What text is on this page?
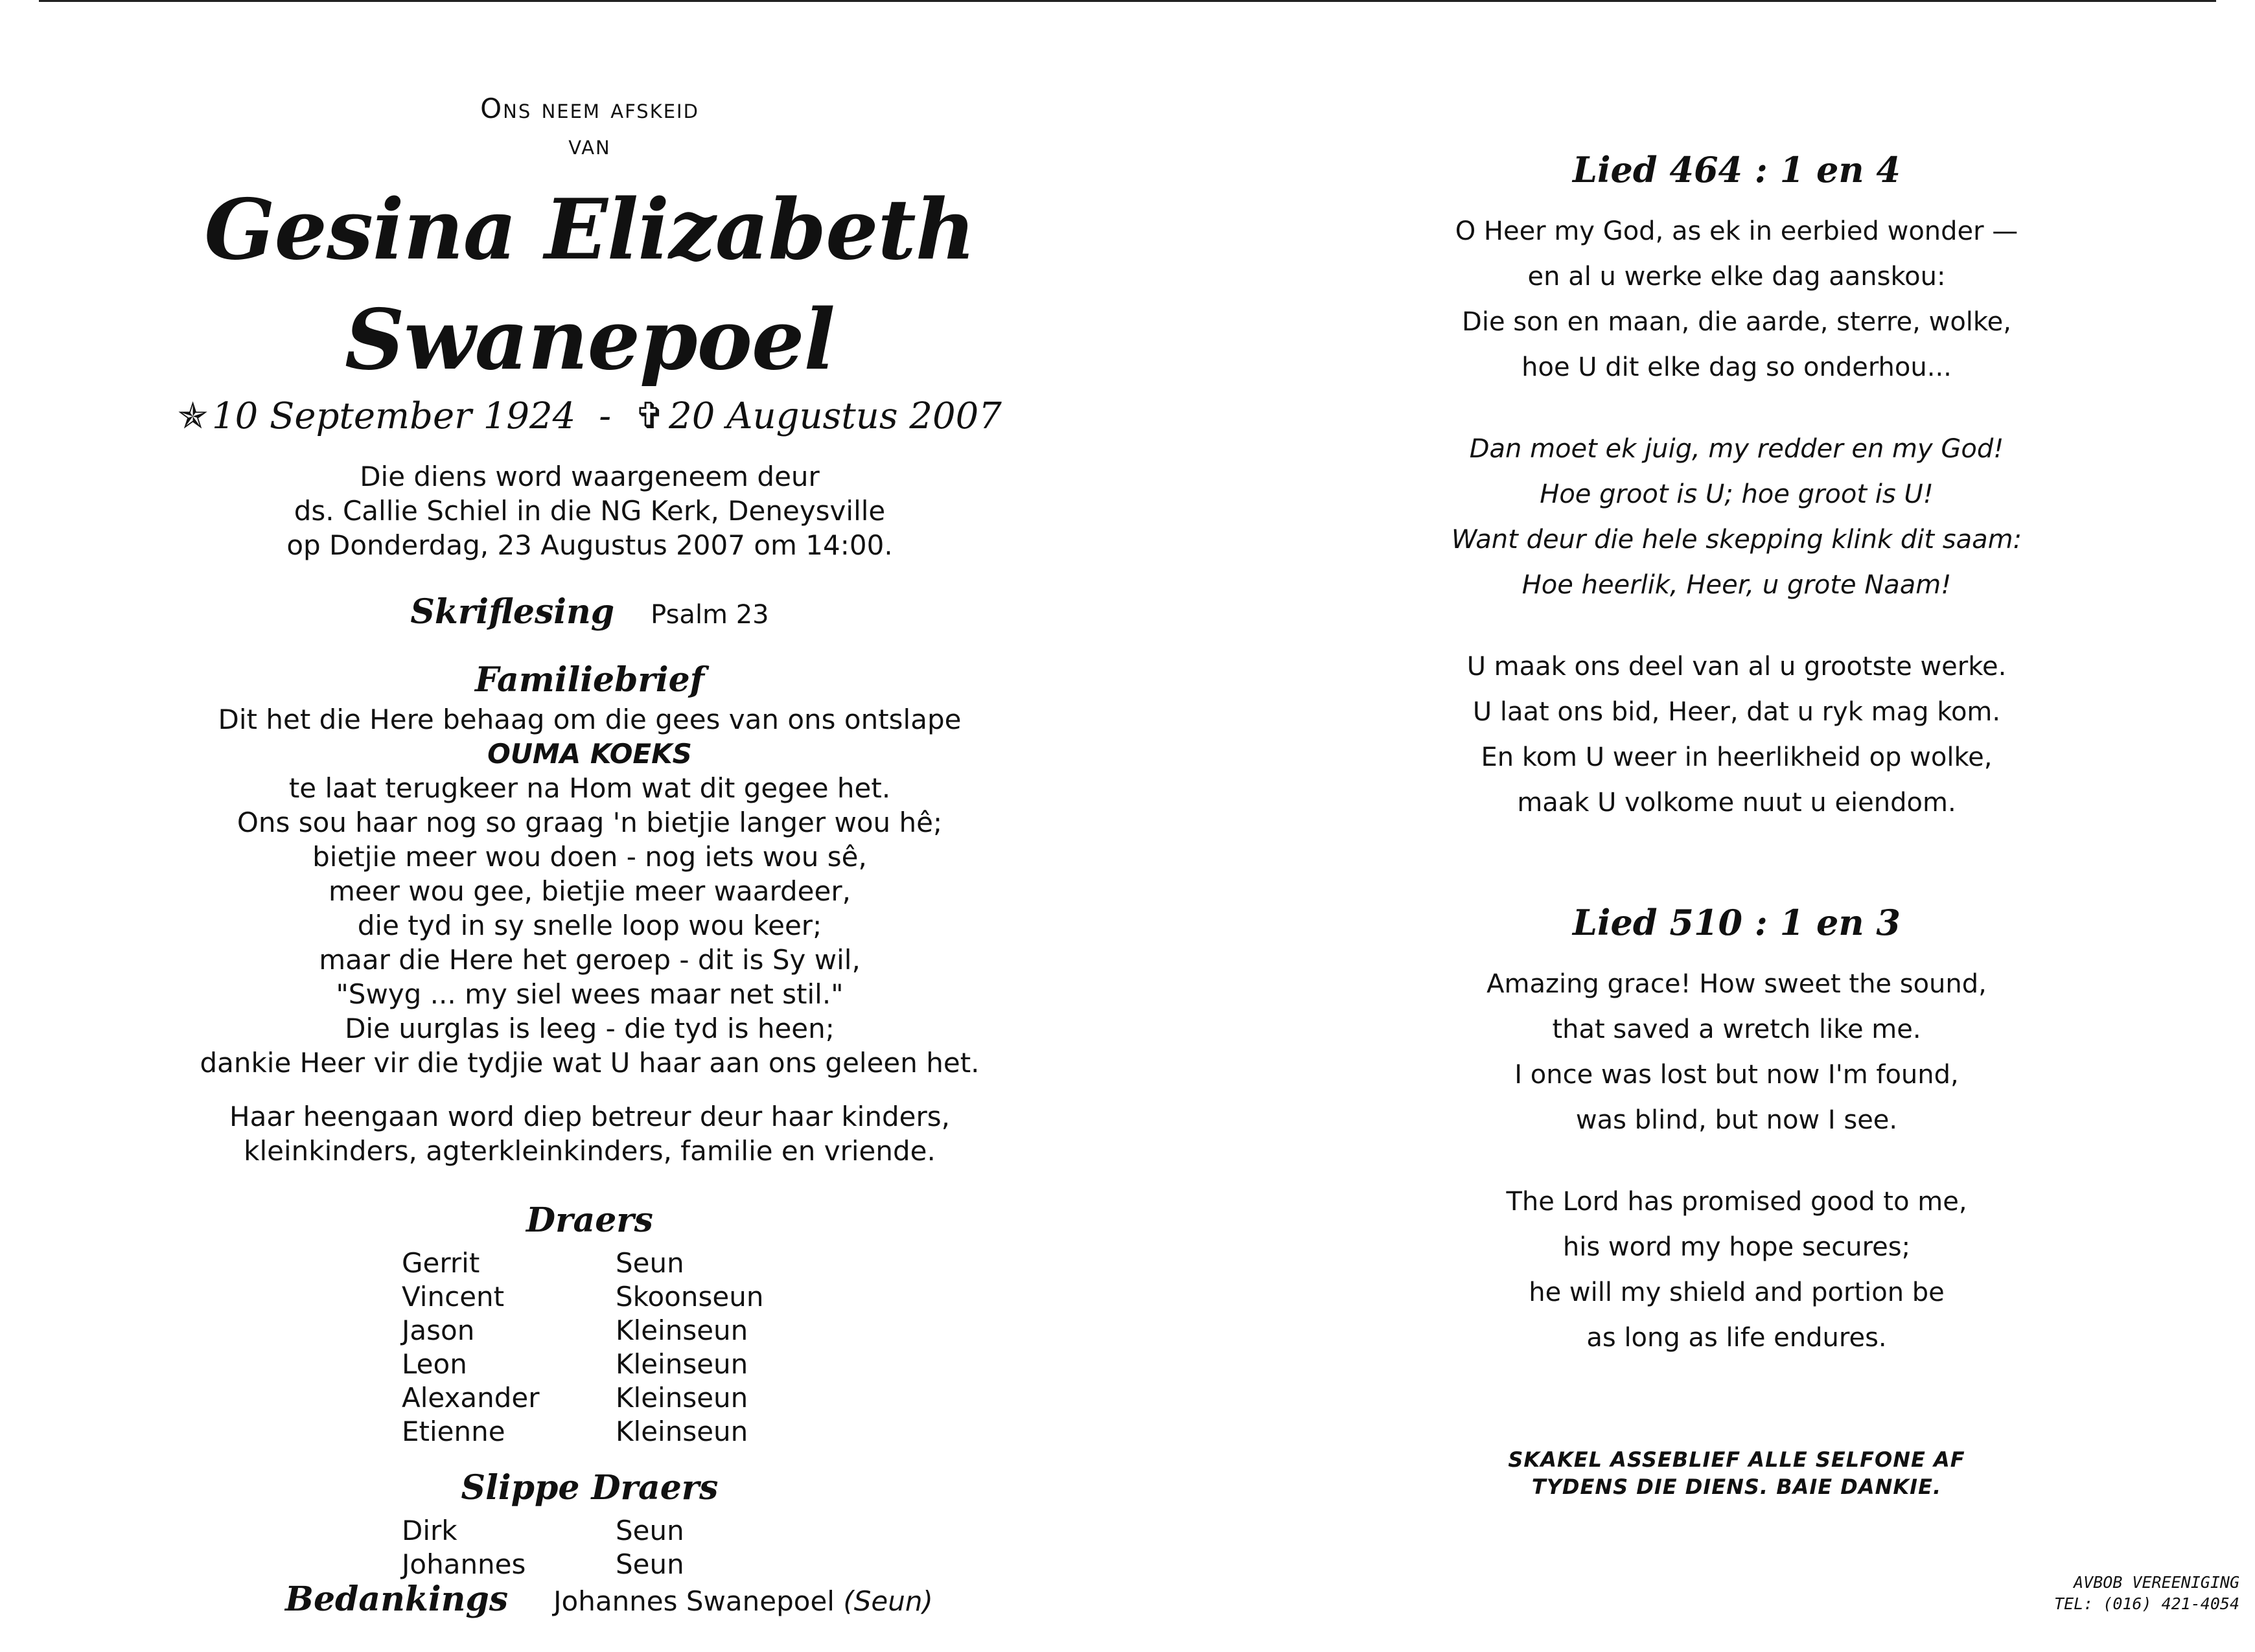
Ons neem afskeid
van
Gesina Elizabeth Swanepoel
✯ 10 September 1924 - ✞ 20 Augustus 2007
Die diens word waargeneem deur
ds. Callie Schiel in die NG Kerk, Deneysville
op Donderdag, 23 Augustus 2007 om 14:00.
Skriflesing Psalm 23
Familiebrief
Dit het die Here behaag om die gees van ons ontslape
OUMA KOEKS
te laat terugkeer na Hom wat dit gegee het.
Ons sou haar nog so graag 'n bietjie langer wou hê;
bietjie meer wou doen - nog iets wou sê,
meer wou gee, bietjie meer waardeer,
die tyd in sy snelle loop wou keer;
maar die Here het geroep - dit is Sy wil,
"Swyg ... my siel wees maar net stil."
Die uurglas is leeg - die tyd is heen;
dankie Heer vir die tydjie wat U haar aan ons geleen het.
Haar heengaan word diep betreur deur haar kinders,
kleinkinders, agterkleinkinders, familie en vriende.
Draers
Gerrit	Seun
Vincent	Skoonseun
Jason	Kleinseun
Leon	Kleinseun
Alexander	Kleinseun
Etienne	Kleinseun
Slippe Draers
Dirk	Seun
Johannes	Seun
Bedankings Johannes Swanepoel (Seun)
Lied 464 : 1 en 4
O Heer my God, as ek in eerbied wonder —
en al u werke elke dag aanskou:
Die son en maan, die aarde, sterre, wolke,
hoe U dit elke dag so onderhou...
Dan moet ek juig, my redder en my God!
Hoe groot is U; hoe groot is U!
Want deur die hele skepping klink dit saam:
Hoe heerlik, Heer, u grote Naam!
U maak ons deel van al u grootste werke.
U laat ons bid, Heer, dat u ryk mag kom.
En kom U weer in heerlikheid op wolke,
maak U volkome nuut u eiendom.
Lied 510 : 1 en 3
Amazing grace! How sweet the sound,
that saved a wretch like me.
I once was lost but now I'm found,
was blind, but now I see.
The Lord has promised good to me,
his word my hope secures;
he will my shield and portion be
as long as life endures.
SKAKEL ASSEBLIEF ALLE SELFONE AF
TYDENS DIE DIENS. BAIE DANKIE.
AVBOB VEREENIGING
TEL: (016) 421-4054
